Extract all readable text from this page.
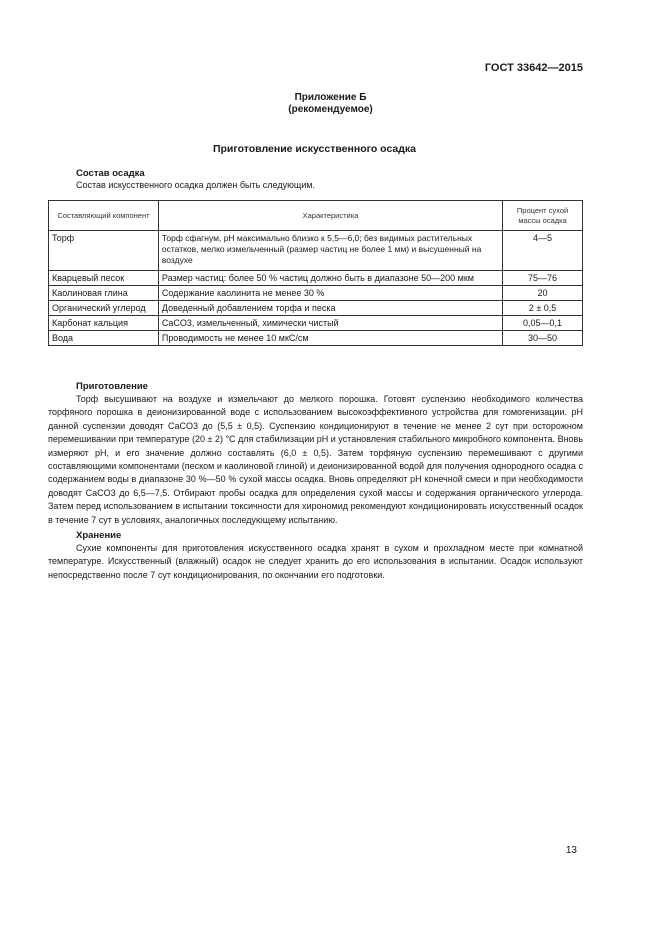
ГОСТ 33642—2015
Приложение Б
(рекомендуемое)
Приготовление искусственного осадка
Состав осадка
Состав искусственного осадка должен быть следующим.
Составляющий компонент	Характеристика	Процент сухой массы осадка
Торф	Торф сфагнум, pH максимально близко к 5,5—6,0; без видимых растительных остатков, мелко измельченный (размер частиц не более 1 мм) и высушенный на воздухе	4—5
Кварцевый песок	Размер частиц: более 50 % частиц должно быть в диапазоне 50—200 мкм	75—76
Каолиновая глина	Содержание каолинита не менее 30 %	20
Органический углерод	Доведенный добавлением торфа и песка	2 ± 0,5
Карбонат кальция	CaCO3, измельченный, химически чистый	0,05—0,1
Вода	Проводимость не менее 10 мкС/см	30—50
Приготовление
Торф высушивают на воздухе и измельчают до мелкого порошка. Готовят суспензию необходимого количества торфяного порошка в деионизированной воде с использованием высокоэффективного устройства для гомогенизации. pH данной суспензии доводят CaCO3 до (5,5 ± 0,5). Суспензию кондиционируют в течение не менее 2 сут при осторожном перемешивании при температуре (20 ± 2) °С для стабилизации pH и установления стабильного микробного компонента. Вновь измеряют pH, и его значение должно составлять (6,0 ± 0,5). Затем торфяную суспензию перемешивают с другими составляющими компонентами (песком и каолиновой глиной) и деионизированной водой для получения однородного осадка с содержанием воды в диапазоне 30 %—50 % сухой массы осадка. Вновь определяют pH конечной смеси и при необходимости доводят CaCO3 до 6,5—7,5. Отбирают пробы осадка для определения сухой массы и содержания органического углерода. Затем перед использованием в испытании токсичности для хирономид рекомендуют кондиционировать искусственный осадок в течение 7 сут в условиях, аналогичных последующему испытанию.
Хранение
Сухие компоненты для приготовления искусственного осадка хранят в сухом и прохладном месте при комнатной температуре. Искусственный (влажный) осадок не следует хранить до его использования в испытании. Осадок используют непосредственно после 7 сут кондиционирования, по окончании его подготовки.
13
